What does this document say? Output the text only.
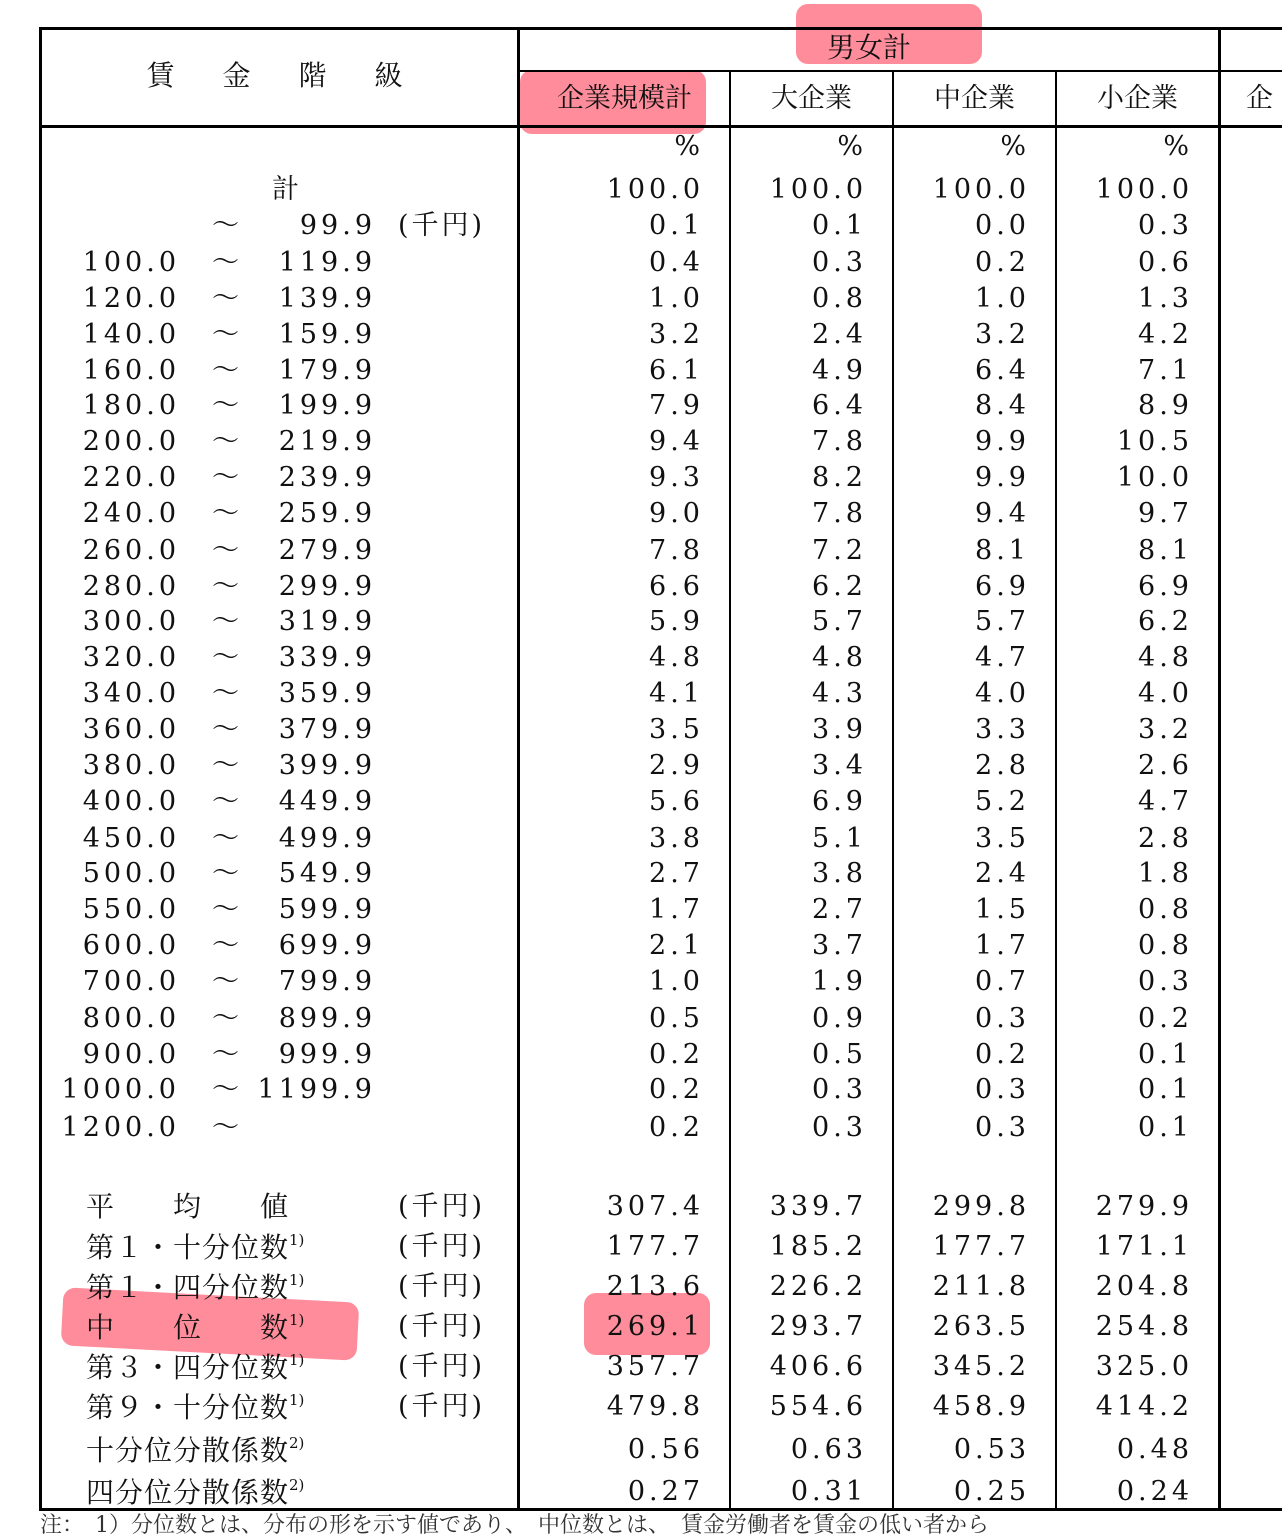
賃　金　階　級
男女計
企業規模計	大企業	中企業	小企業	企
%	%	%	%
計	100.0	100.0	100.0	100.0
〜	99.9 (千円)	0.1	0.1	0.0	0.3
100.0 〜	119.9	0.4	0.3	0.2	0.6
120.0 〜	139.9	1.0	0.8	1.0	1.3
140.0 〜	159.9	3.2	2.4	3.2	4.2
160.0 〜	179.9	6.1	4.9	6.4	7.1
180.0 〜	199.9	7.9	6.4	8.4	8.9
200.0 〜	219.9	9.4	7.8	9.9	10.5
220.0 〜	239.9	9.3	8.2	9.9	10.0
240.0 〜	259.9	9.0	7.8	9.4	9.7
260.0 〜	279.9	7.8	7.2	8.1	8.1
280.0 〜	299.9	6.6	6.2	6.9	6.9
300.0 〜	319.9	5.9	5.7	5.7	6.2
320.0 〜	339.9	4.8	4.8	4.7	4.8
340.0 〜	359.9	4.1	4.3	4.0	4.0
360.0 〜	379.9	3.5	3.9	3.3	3.2
380.0 〜	399.9	2.9	3.4	2.8	2.6
400.0 〜	449.9	5.6	6.9	5.2	4.7
450.0 〜	499.9	3.8	5.1	3.5	2.8
500.0 〜	549.9	2.7	3.8	2.4	1.8
550.0 〜	599.9	1.7	2.7	1.5	0.8
600.0 〜	699.9	2.1	3.7	1.7	0.8
700.0 〜	799.9	1.0	1.9	0.7	0.3
800.0 〜	899.9	0.5	0.9	0.3	0.2
900.0 〜	999.9	0.2	0.5	0.2	0.1
1000.0 〜 1199.9	0.2	0.3	0.3	0.1
1200.0 〜	0.2	0.3	0.3	0.1
平　　均　　値	(千円)	307.4	339.7	299.8	279.9
第１・十分位数$^{1)}$	(千円)	177.7	185.2	177.7	171.1
第１・四分位数$^{1)}$	(千円)	213.6	226.2	211.8	204.8
中　　位　　数$^{1)}$	(千円)	269.1	293.7	263.5	254.8
第３・四分位数$^{1)}$	(千円)	357.7	406.6	345.2	325.0
第９・十分位数$^{1)}$	(千円)	479.8	554.6	458.9	414.2
十分位分散係数$^{2)}$	0.56	0.63	0.53	0.48
四分位分散係数$^{2)}$	0.27	0.31	0.25	0.24
注：　1）分位数とは、分布の形を示す値であり、　中位数とは、　賃金労働者を賃金の低い者から
